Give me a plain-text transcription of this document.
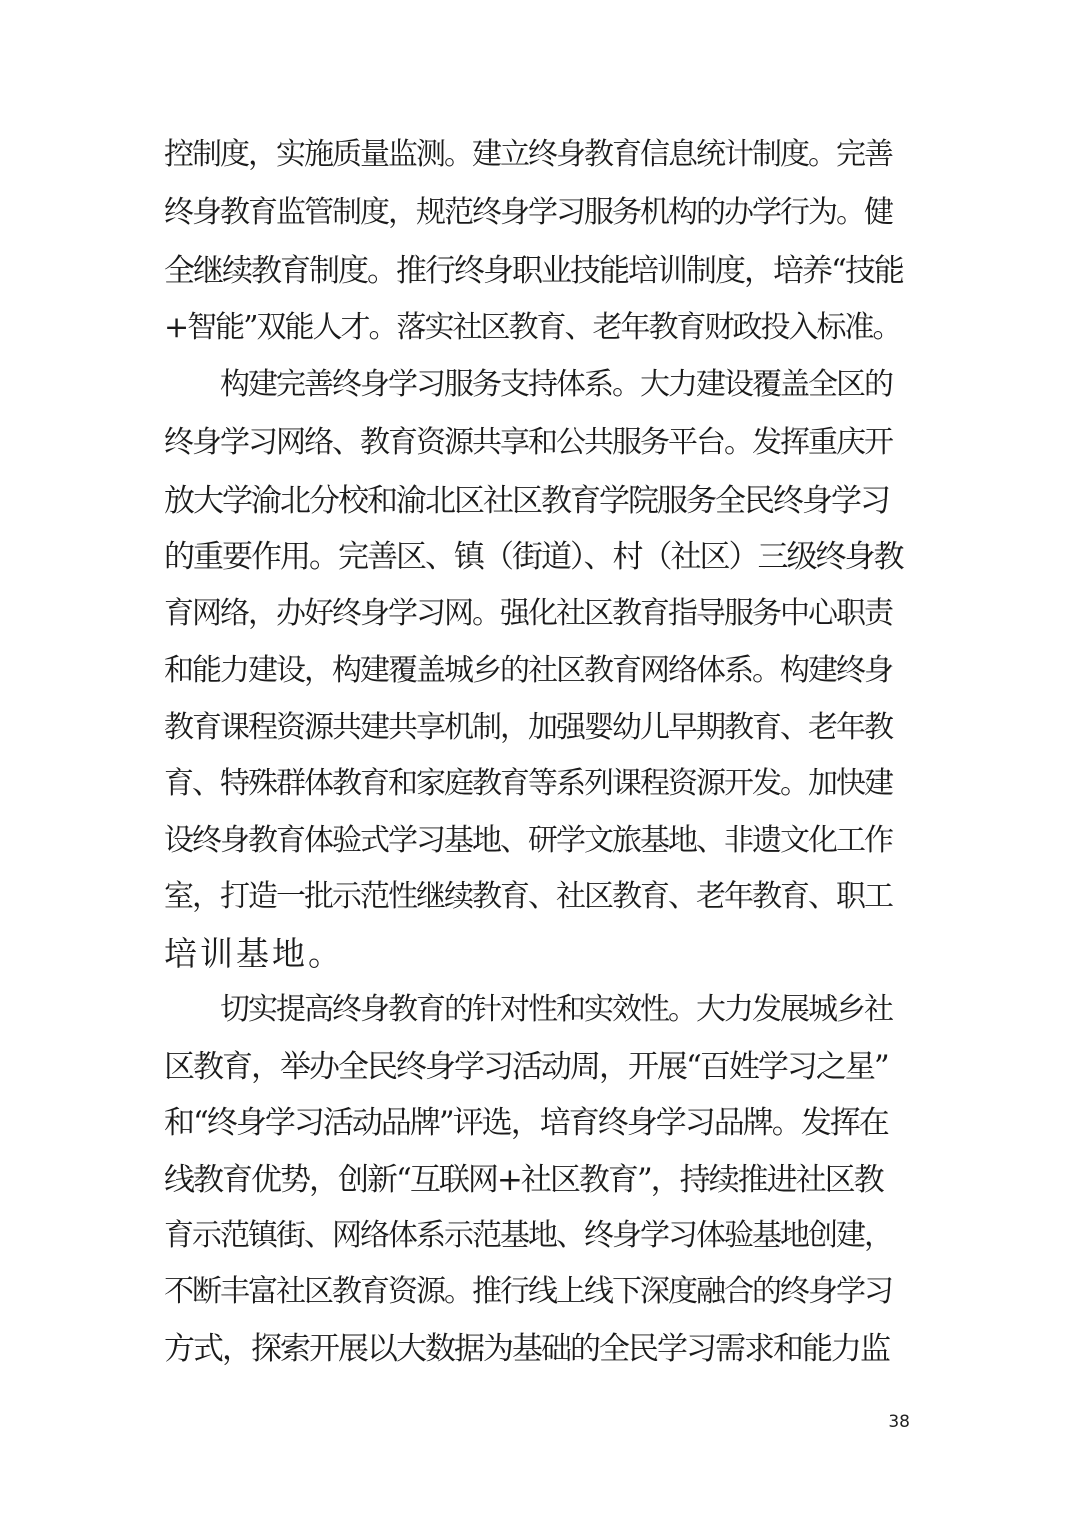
控制度，实施质量监测。建立终身教育信息统计制度。完善
终身教育监管制度，规范终身学习服务机构的办学行为。健
全继续教育制度。推行终身职业技能培训制度，培养“技能
+智能”双能人才。落实社区教育、老年教育财政投入标准。
构建完善终身学习服务支持体系。大力建设覆盖全区的
终身学习网络、教育资源共享和公共服务平台。发挥重庆开
放大学渝北分校和渝北区社区教育学院服务全民终身学习
的重要作用。完善区、镇（街道）、村（社区）三级终身教
育网络，办好终身学习网。强化社区教育指导服务中心职责
和能力建设，构建覆盖城乡的社区教育网络体系。构建终身
教育课程资源共建共享机制，加强婴幼儿早期教育、老年教
育、特殊群体教育和家庭教育等系列课程资源开发。加快建
设终身教育体验式学习基地、研学文旅基地、非遗文化工作
室，打造一批示范性继续教育、社区教育、老年教育、职工
培训基地。
切实提高终身教育的针对性和实效性。大力发展城乡社
区教育，举办全民终身学习活动周，开展“百姓学习之星”
和“终身学习活动品牌”评选，培育终身学习品牌。发挥在
线教育优势，创新“互联网+社区教育”，持续推进社区教
育示范镇街、网络体系示范基地、终身学习体验基地创建，
不断丰富社区教育资源。推行线上线下深度融合的终身学习
方式，探索开展以大数据为基础的全民学习需求和能力监
38
